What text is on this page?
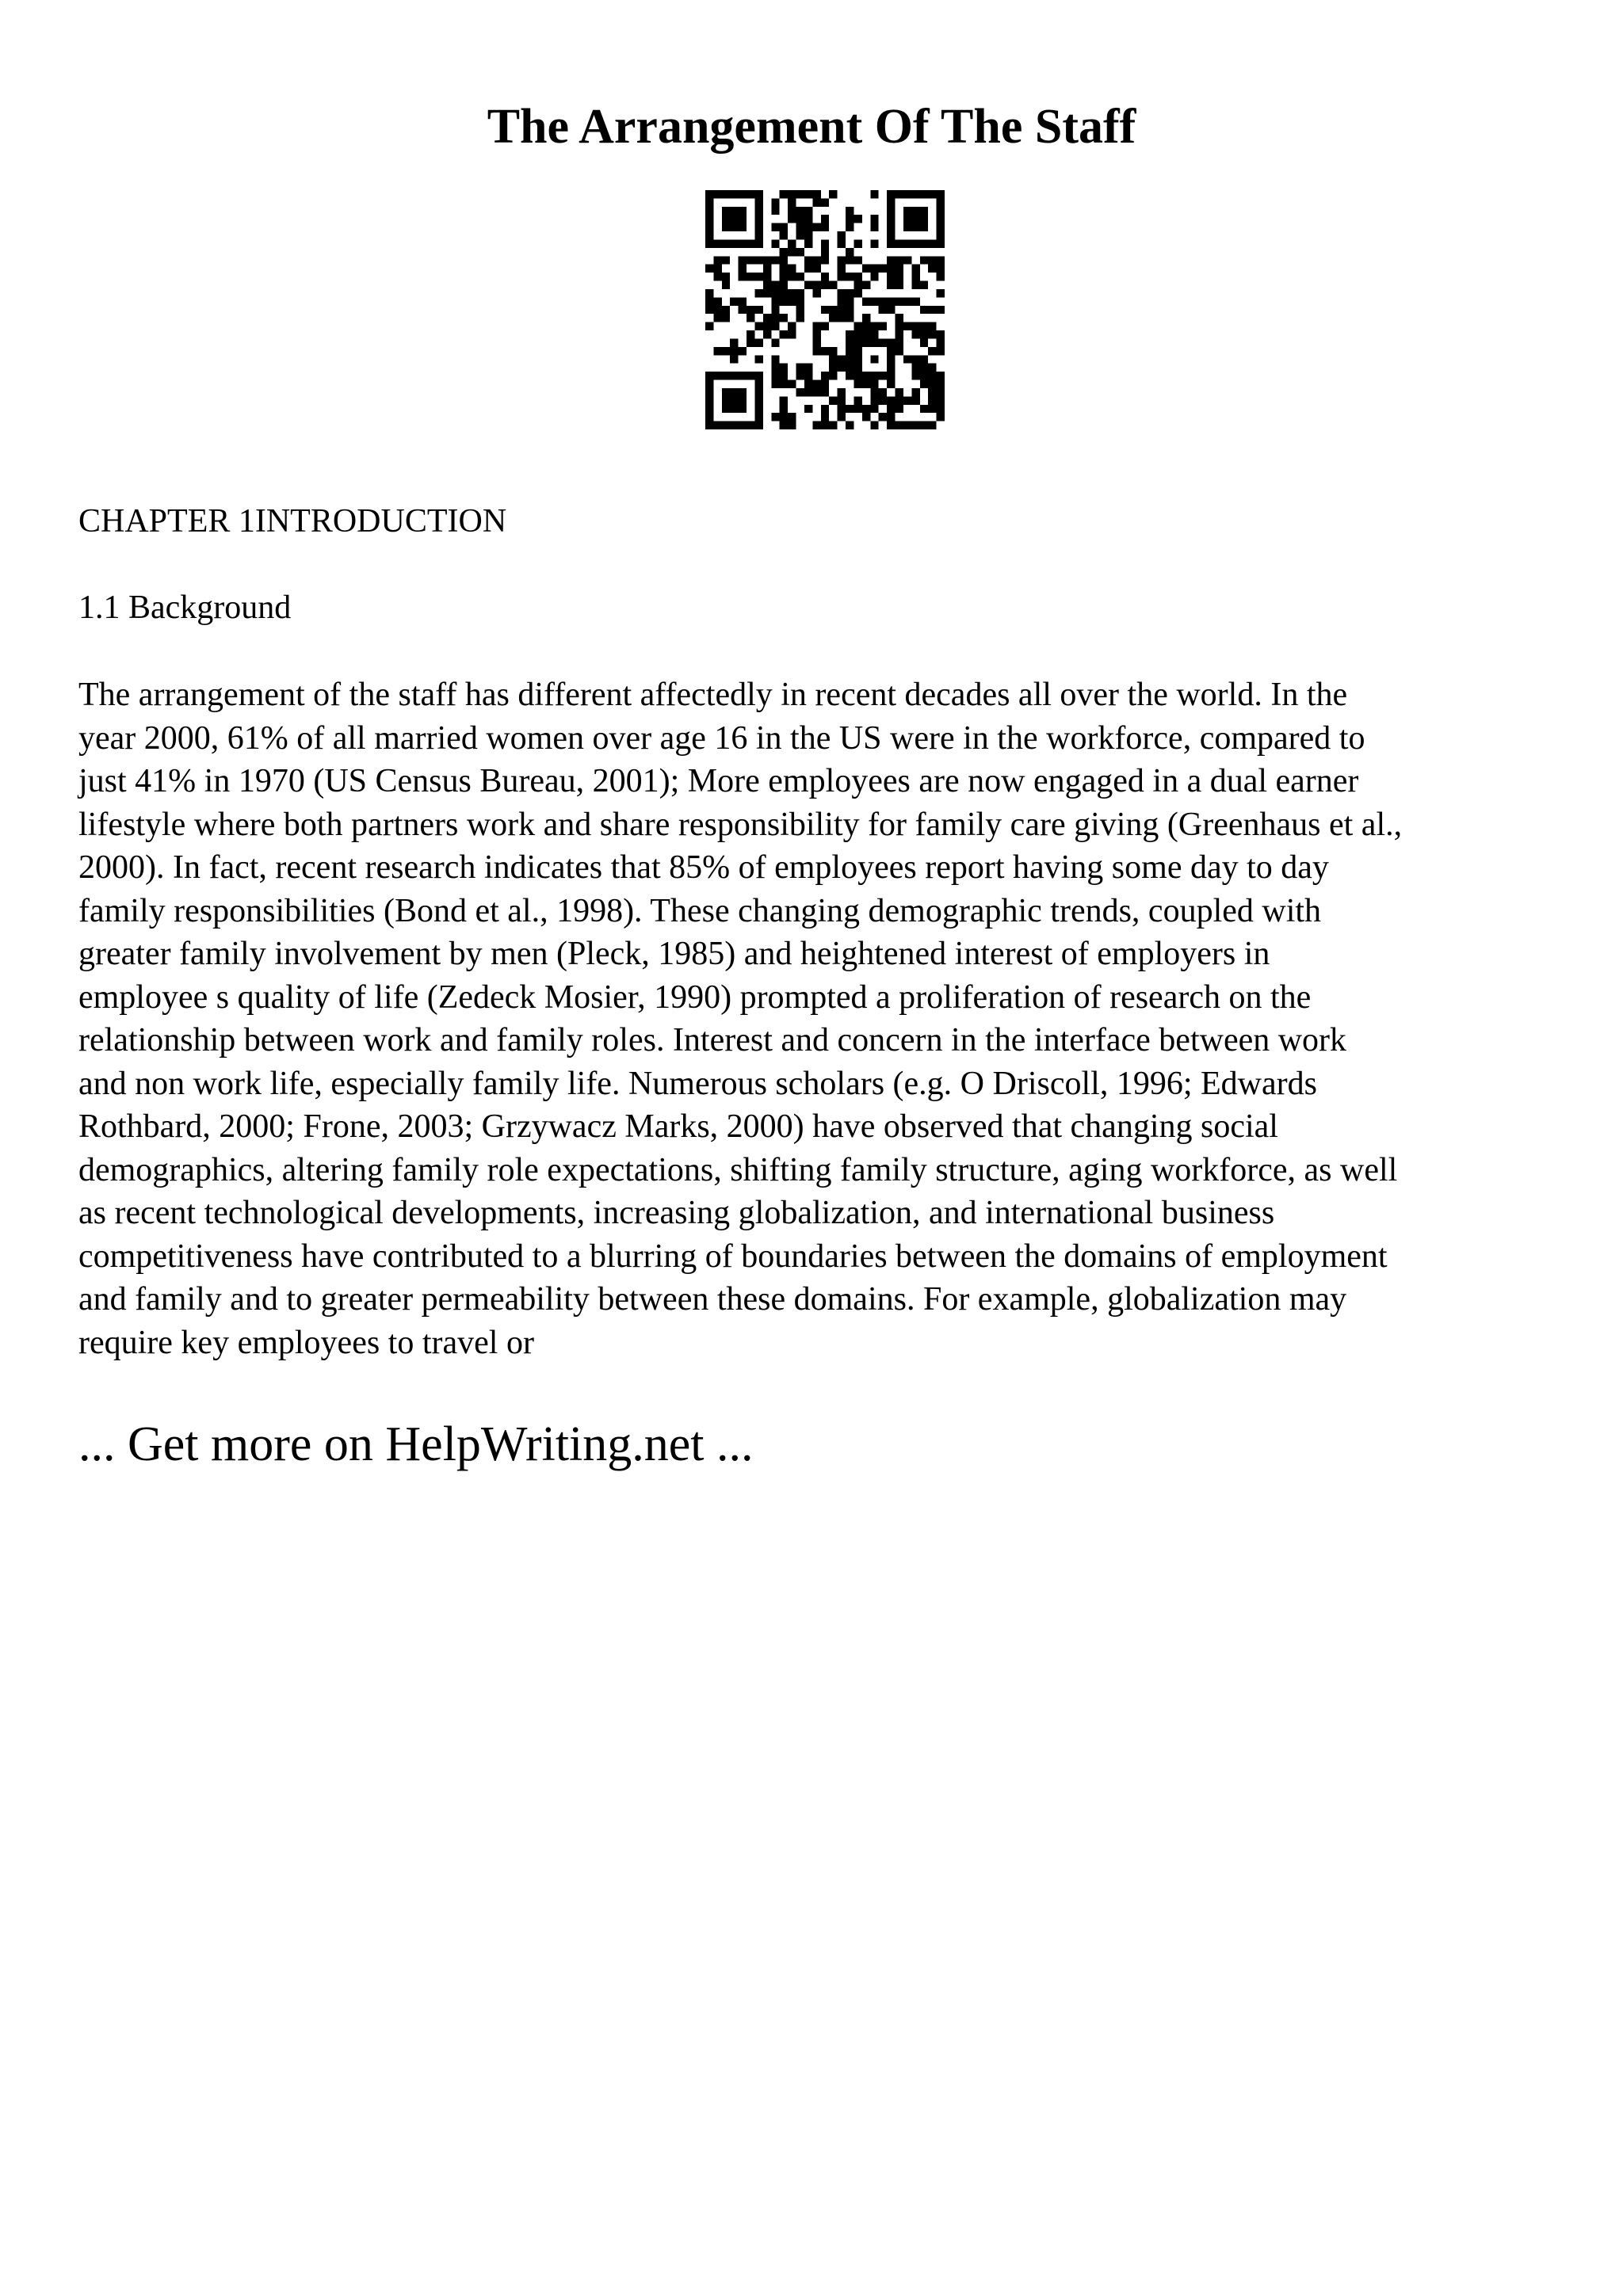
The Arrangement Of The Staff

CHAPTER 1INTRODUCTION

1.1 Background

The arrangement of the staff has different affectedly in recent decades all over the world. In the
year 2000, 61% of all married women over age 16 in the US were in the workforce, compared to
just 41% in 1970 (US Census Bureau, 2001); More employees are now engaged in a dual earner
lifestyle where both partners work and share responsibility for family care giving (Greenhaus et al.,
2000). In fact, recent research indicates that 85% of employees report having some day to day
family responsibilities (Bond et al., 1998). These changing demographic trends, coupled with
greater family involvement by men (Pleck, 1985) and heightened interest of employers in
employee s quality of life (Zedeck Mosier, 1990) prompted a proliferation of research on the
relationship between work and family roles. Interest and concern in the interface between work
and non work life, especially family life. Numerous scholars (e.g. O Driscoll, 1996; Edwards
Rothbard, 2000; Frone, 2003; Grzywacz Marks, 2000) have observed that changing social
demographics, altering family role expectations, shifting family structure, aging workforce, as well
as recent technological developments, increasing globalization, and international business
competitiveness have contributed to a blurring of boundaries between the domains of employment
and family and to greater permeability between these domains. For example, globalization may
require key employees to travel or
... Get more on HelpWriting.net ...
